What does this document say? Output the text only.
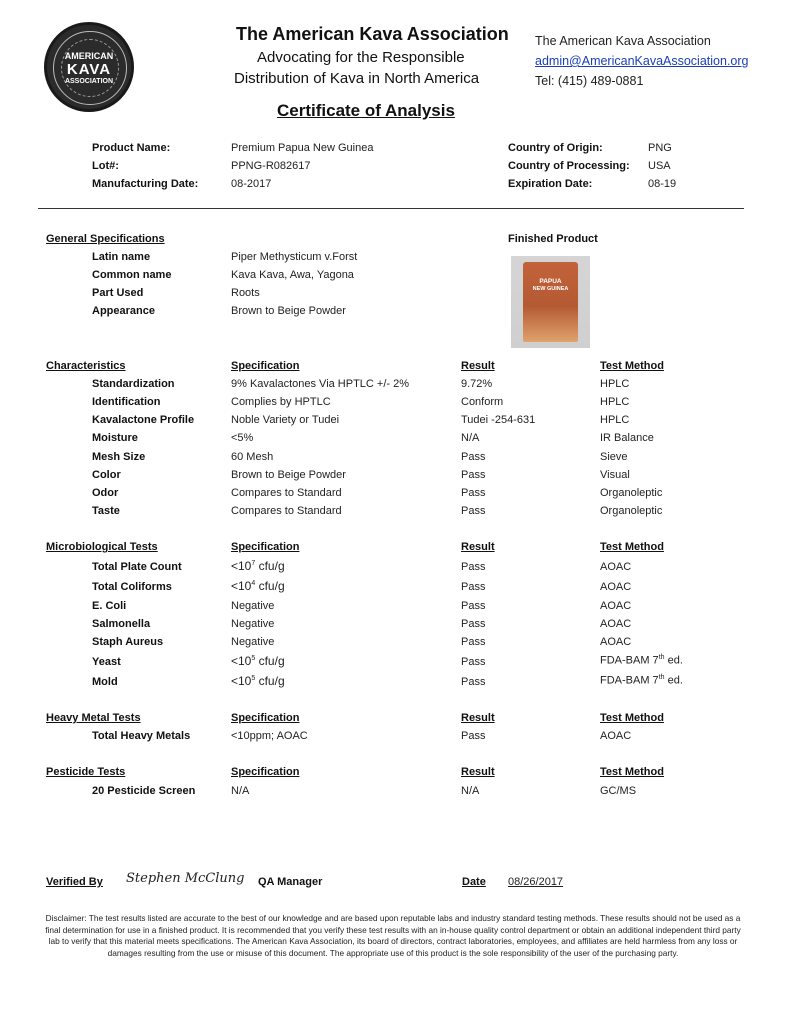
AMERICAN
KAVA
ASSOCIATION
The American Kava Association
Advocating for the Responsible
Distribution of Kava in North America
The American Kava Association
admin@AmericanKavaAssociation.org
Tel: (415) 489-0881
Certificate of Analysis
Product Name:	Premium Papua New Guinea
Lot#:	PPNG-R082617
Manufacturing Date:	08-2017
Country of Origin:	PNG
Country of Processing: USA
Expiration Date:	08-19
General Specifications	Finished Product
Latin name	Piper Methysticum v.Forst
Common name	Kava Kava, Awa, Yagona
Part Used	Roots
Appearance	Brown to Beige Powder
PAPUA
NEW GUINEA
Characteristics	Specification	Result	Test Method
Standardization	9% Kavalactones Via HPTLC +/- 2%	9.72%	HPLC
Identification	Complies by HPTLC	Conform	HPLC
Kavalactone Profile	Noble Variety or Tudei	Tudei -254-631	HPLC
Moisture	<5%	N/A	IR Balance
Mesh Size	60 Mesh	Pass	Sieve
Color	Brown to Beige Powder	Pass	Visual
Odor	Compares to Standard	Pass	Organoleptic
Taste	Compares to Standard	Pass	Organoleptic
Microbiological Tests	Specification	Result	Test Method
Total Plate Count	$<10^7$ cfu/g	Pass	AOAC
Total Coliforms	$<10^4$ cfu/g	Pass	AOAC
E. Coli	Negative	Pass	AOAC
Salmonella	Negative	Pass	AOAC
Staph Aureus	Negative	Pass	AOAC
Yeast	$<10^5$ cfu/g	Pass	FDA-BAM 7th ed.
Mold	$<10^5$ cfu/g	Pass	FDA-BAM 7th ed.
Heavy Metal Tests	Specification	Result	Test Method
Total Heavy Metals	<10ppm; AOAC	Pass	AOAC
Pesticide Tests	Specification	Result	Test Method
20 Pesticide Screen	N/A	N/A	GC/MS
Verified By Stephen McClung QA Manager	Date 08/26/2017
Disclaimer: The test results listed are accurate to the best of our knowledge and are based upon reputable labs and industry standard testing methods. These results should not be used as a final determination for use in a finished product. It is recommended that you verify these test results with an in-house quality control department or obtain an additional independent third party lab to verify that this material meets specifications. The American Kava Association, its board of directors, contract laboratories, employees, and affiliates are held harmless from any loss or damages resulting from the use or misuse of this document. The appropriate use of this product is the sole responsibility of the user of the purchasing party.
